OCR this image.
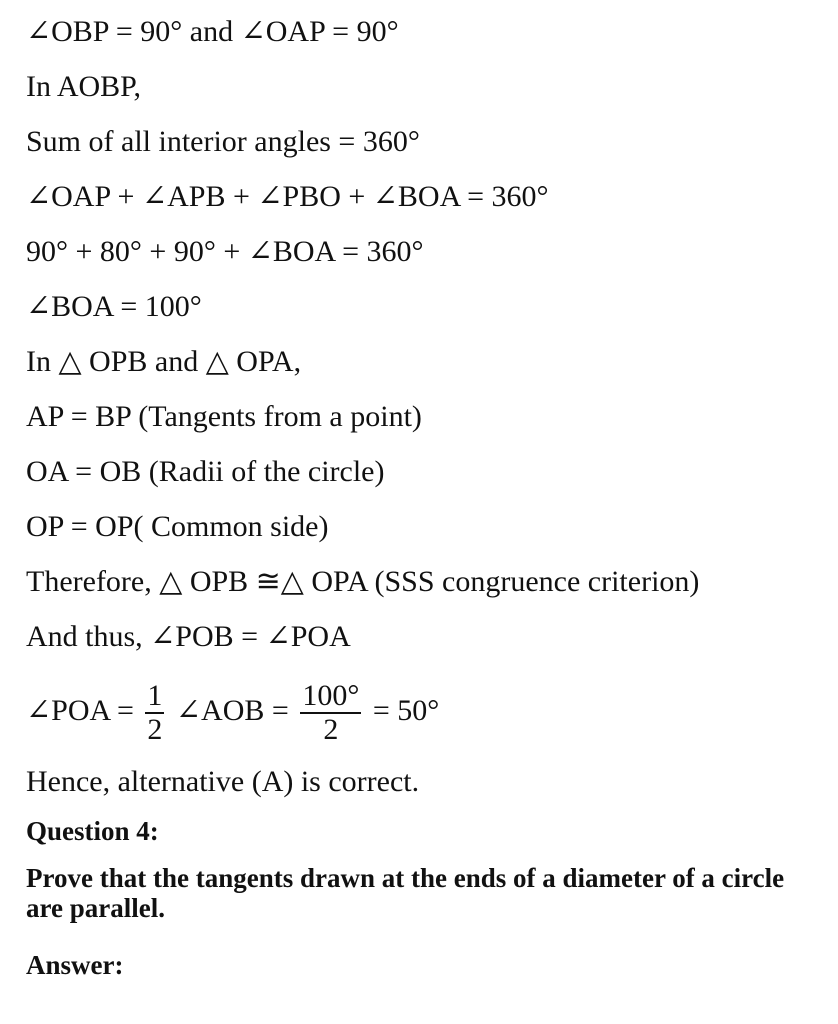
∠OBP = 90° and ∠OAP = 90°
In AOBP,
Sum of all interior angles = 360°
∠OAP + ∠APB + ∠PBO + ∠BOA = 360°
90° + 80° + 90° + ∠BOA = 360°
∠BOA = 100°
In △ OPB and △ OPA,
AP = BP (Tangents from a point)
OA = OB (Radii of the circle)
OP = OP( Common side)
Therefore, △ OPB ≅△ OPA (SSS congruence criterion)
And thus, ∠POB = ∠POA
∠POA = $\frac{1}{2}$ ∠AOB = $\frac{100^\circ}{2} = 50^\circ$
Hence, alternative (A) is correct.
Question 4:
Prove that the tangents drawn at the ends of a diameter of a circle are parallel.
Answer:
